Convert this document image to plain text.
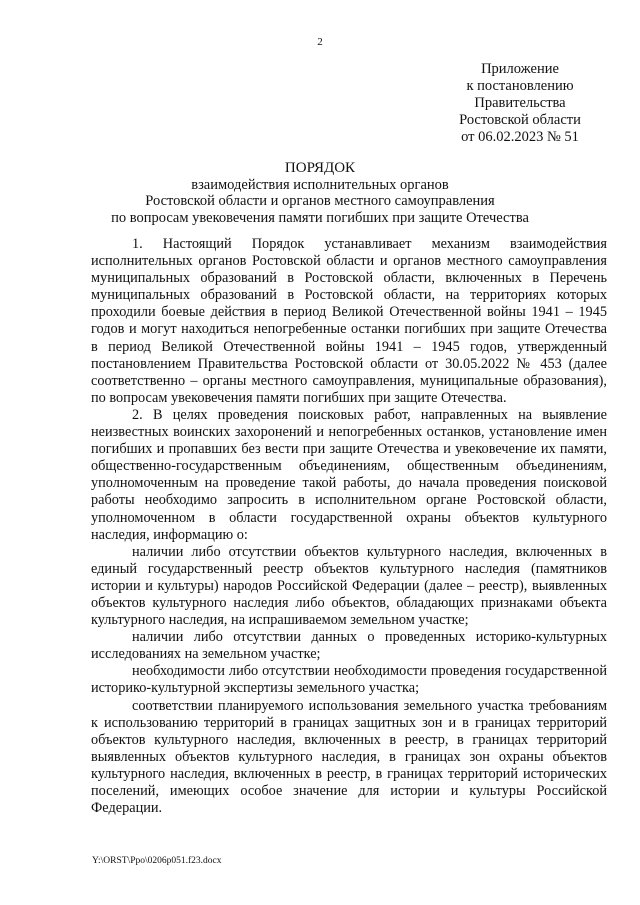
2
Приложение
к постановлению
Правительства
Ростовской области
от 06.02.2023 № 51
ПОРЯДОК
взаимодействия исполнительных органов
Ростовской области и органов местного самоуправления
по вопросам увековечения памяти погибших при защите Отечества

1. Настоящий Порядок устанавливает механизм взаимодействия исполнительных органов Ростовской области и органов местного самоуправления муниципальных образований в Ростовской области, включенных в Перечень муниципальных образований в Ростовской области, на территориях которых проходили боевые действия в период Великой Отечественной войны 1941 – 1945 годов и могут находиться непогребенные останки погибших при защите Отечества в период Великой Отечественной войны 1941 – 1945 годов, утвержденный постановлением Правительства Ростовской области от 30.05.2022 № 453 (далее соответственно – органы местного самоуправления, муниципальные образования), по вопросам увековечения памяти погибших при защите Отечества.

2. В целях проведения поисковых работ, направленных на выявление неизвестных воинских захоронений и непогребенных останков, установление имен погибших и пропавших без вести при защите Отечества и увековечение их памяти, общественно-государственным объединениям, общественным объединениям, уполномоченным на проведение такой работы, до начала проведения поисковой работы необходимо запросить в исполнительном органе Ростовской области, уполномоченном в области государственной охраны объектов культурного наследия, информацию о:

наличии либо отсутствии объектов культурного наследия, включенных в единый государственный реестр объектов культурного наследия (памятников истории и культуры) народов Российской Федерации (далее – реестр), выявленных объектов культурного наследия либо объектов, обладающих признаками объекта культурного наследия, на испрашиваемом земельном участке;

наличии либо отсутствии данных о проведенных историко-культурных исследованиях на земельном участке;

необходимости либо отсутствии необходимости проведения государственной историко-культурной экспертизы земельного участка;

соответствии планируемого использования земельного участка требованиям к использованию территорий в границах защитных зон и в границах территорий объектов культурного наследия, включенных в реестр, в границах территорий выявленных объектов культурного наследия, в границах зон охраны объектов культурного наследия, включенных в реестр, в границах территорий исторических поселений, имеющих особое значение для истории и культуры Российской Федерации.

Y:\ORST\Ppo\0206p051.f23.docx
